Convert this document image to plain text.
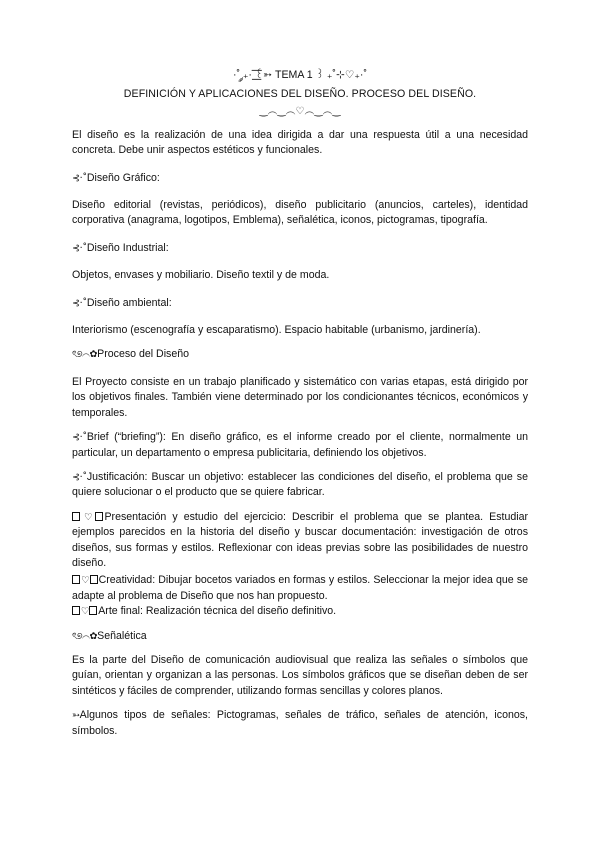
·˚ ༘₊· ͟͟͞͞꒰➳ TEMA 1 ꒱ ₊˚⊹♡₊·˚
DEFINICIÓN Y APLICACIONES DEL DISEÑO. PROCESO DEL DISEÑO.
‿︵‿︵♡︵‿︵‿

El diseño es la realización de una idea dirigida a dar una respuesta útil a una necesidad concreta. Debe unir aspectos estéticos y funcionales.

⊰·˚Diseño Gráfico:

Diseño editorial (revistas, periódicos), diseño publicitario (anuncios, carteles), identidad corporativa (anagrama, logotipos, Emblema), señalética, iconos, pictogramas, tipografía.

⊰·˚Diseño Industrial:

Objetos, envases y mobiliario. Diseño textil y de moda.

⊰·˚Diseño ambiental:

Interiorismo (escenografía y escaparatismo). Espacio habitable (urbanismo, jardinería).

ৎ୭⌒✿Proceso del Diseño

El Proyecto consiste en un trabajo planificado y sistemático con varias etapas, está dirigido por los objetivos finales. También viene determinado por los condicionantes técnicos, económicos y temporales.

⊰·˚Brief (“briefing”): En diseño gráfico, es el informe creado por el cliente, normalmente un particular, un departamento o empresa publicitaria, definiendo los objetivos.

⊰·˚Justificación: Buscar un objetivo: establecer las condiciones del diseño, el problema que se quiere solucionar o el producto que se quiere fabricar.

♡ Presentación y estudio del ejercicio: Describir el problema que se plantea. Estudiar ejemplos parecidos en la historia del diseño y buscar documentación: investigación de otros diseños, sus formas y estilos. Reflexionar con ideas previas sobre las posibilidades de nuestro diseño.

♡ Creatividad: Dibujar bocetos variados en formas y estilos. Seleccionar la mejor idea que se adapte al problema de Diseño que nos han propuesto.

♡ Arte final: Realización técnica del diseño definitivo.

ৎ୭⌒✿Señalética

Es la parte del Diseño de comunicación audiovisual que realiza las señales o símbolos que guían, orientan y organizan a las personas. Los símbolos gráficos que se diseñan deben de ser sintéticos y fáciles de comprender, utilizando formas sencillas y colores planos.

➳Algunos tipos de señales: Pictogramas, señales de tráfico, señales de atención, iconos, símbolos.
